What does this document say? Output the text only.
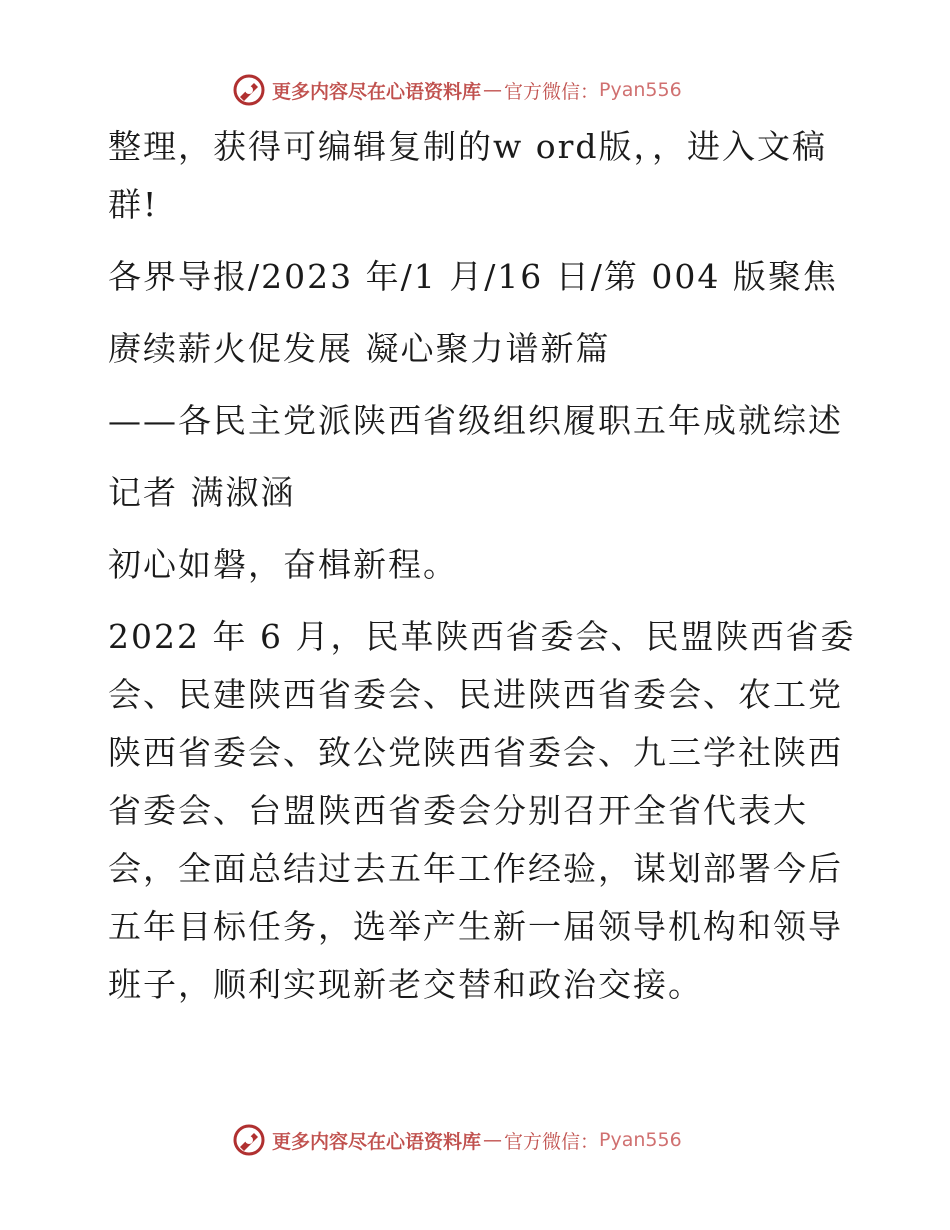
更多内容尽在心语资料库 — 官方微信： Pyan556

整理，获得可编辑复制的w ord版，，进入文稿群!

各界导报/2023 年/1 月/16 日/第 004 版聚焦

赓续薪火促发展 凝心聚力谱新篇

——各民主党派陕西省级组织履职五年成就综述

记者 满淑涵

初心如磐，奋楫新程。

2022 年 6 月，民革陕西省委会、民盟陕西省委会、民建陕西省委会、民进陕西省委会、农工党陕西省委会、致公党陕西省委会、九三学社陕西省委会、台盟陕西省委会分别召开全省代表大会，全面总结过去五年工作经验，谋划部署今后五年目标任务，选举产生新一届领导机构和领导班子，顺利实现新老交替和政治交接。

更多内容尽在心语资料库 — 官方微信： Pyan556
